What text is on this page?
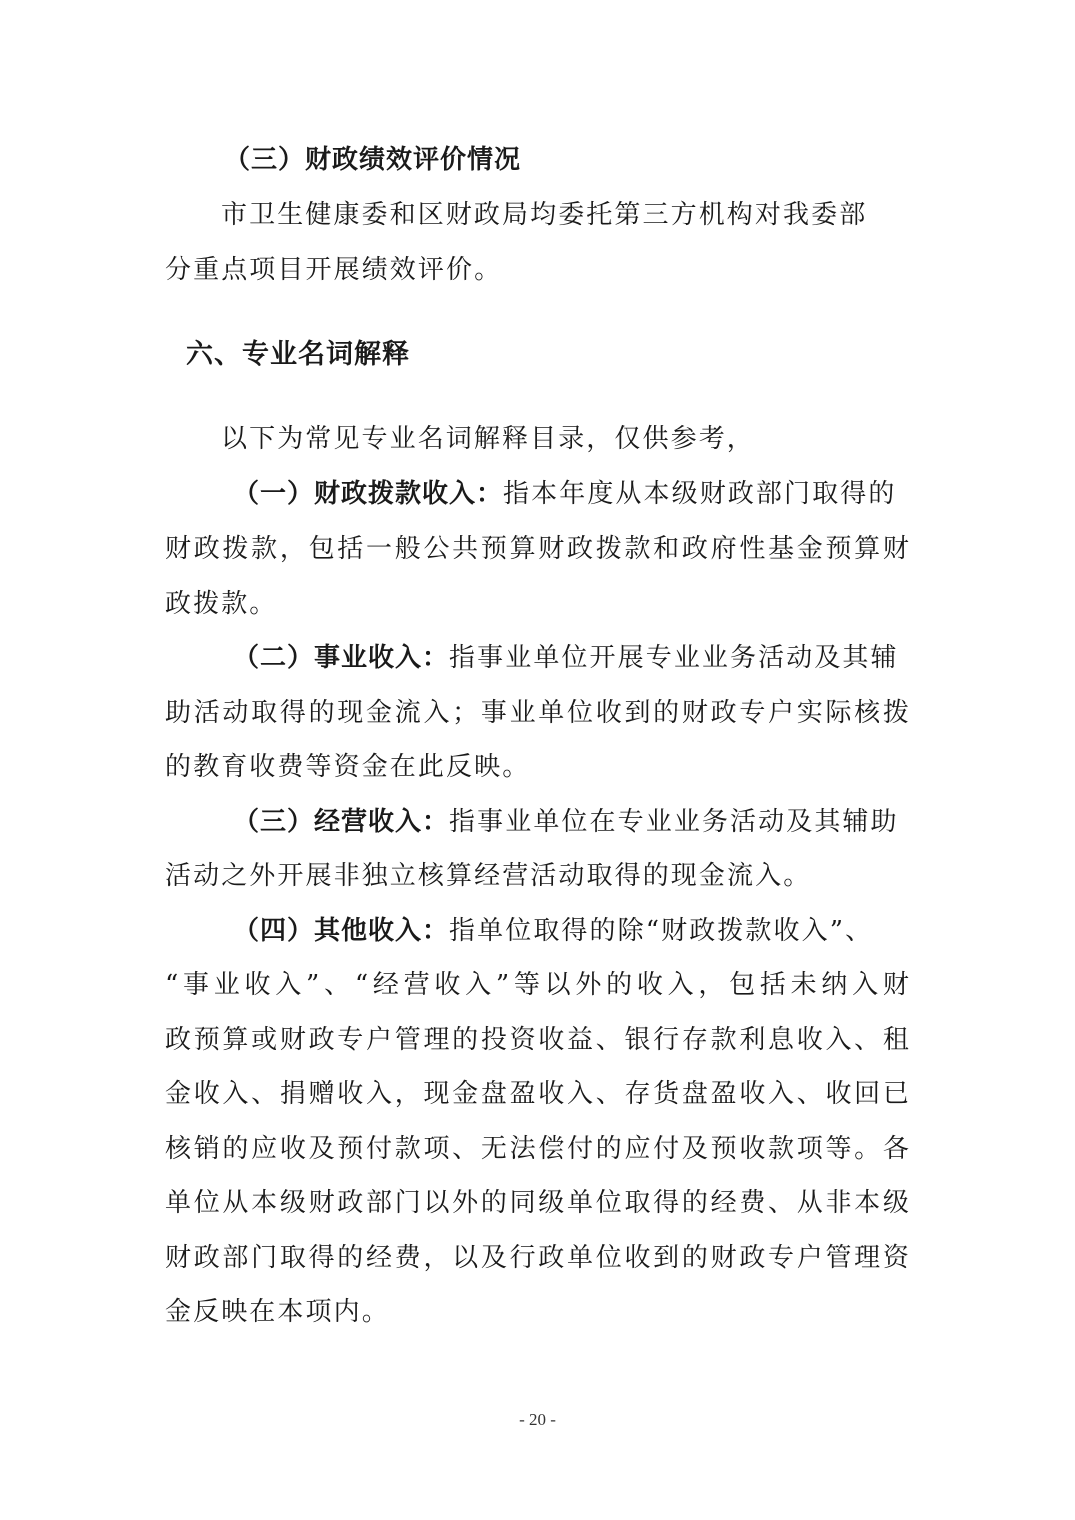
（三）财政绩效评价情况
市卫生健康委和区财政局均委托第三方机构对我委部
分重点项目开展绩效评价。
六、专业名词解释
以下为常见专业名词解释目录，仅供参考，
（一）财政拨款收入：指本年度从本级财政部门取得的
财政拨款，包括一般公共预算财政拨款和政府性基金预算财
政拨款。
（二）事业收入：指事业单位开展专业业务活动及其辅
助活动取得的现金流入；事业单位收到的财政专户实际核拨
的教育收费等资金在此反映。
（三）经营收入：指事业单位在专业业务活动及其辅助
活动之外开展非独立核算经营活动取得的现金流入。
（四）其他收入：指单位取得的除“财政拨款收入”、
“事业收入”、“经营收入”等以外的收入，包括未纳入财
政预算或财政专户管理的投资收益、银行存款利息收入、租
金收入、捐赠收入，现金盘盈收入、存货盘盈收入、收回已
核销的应收及预付款项、无法偿付的应付及预收款项等。各
单位从本级财政部门以外的同级单位取得的经费、从非本级
财政部门取得的经费，以及行政单位收到的财政专户管理资
金反映在本项内。
- 20 -
